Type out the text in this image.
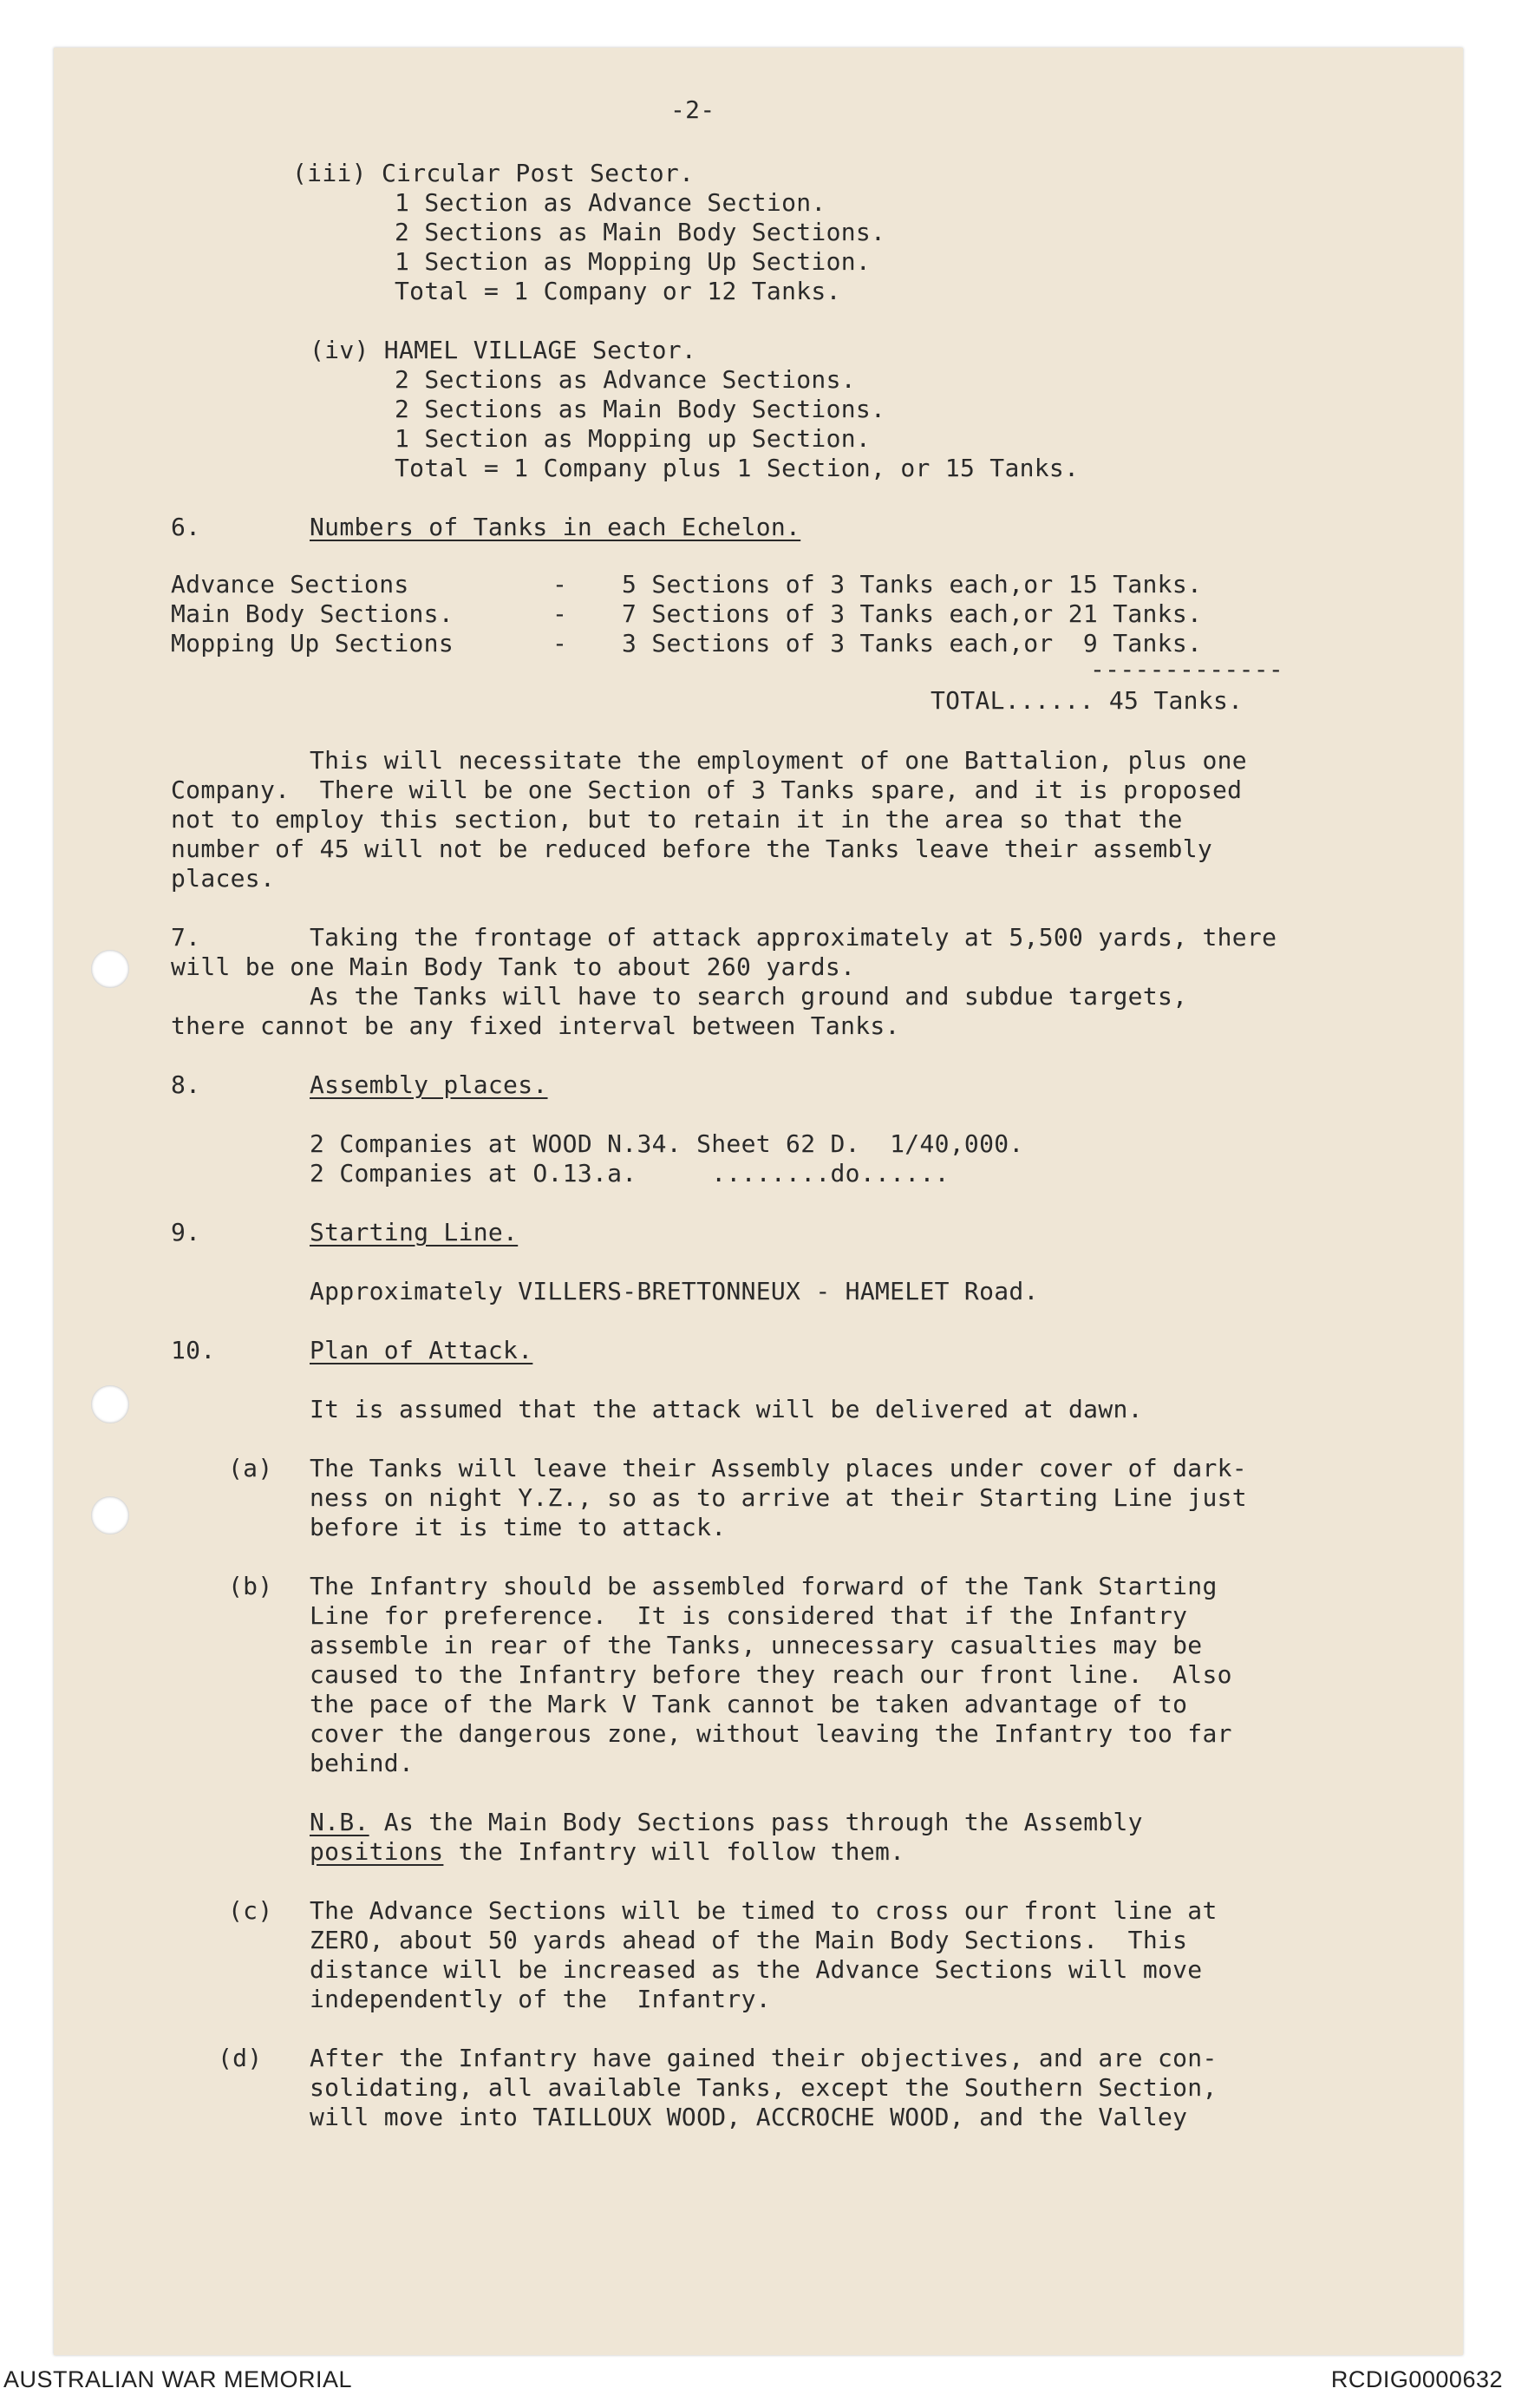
-2-
(iii) Circular Post Sector.
1 Section as Advance Section.
2 Sections as Main Body Sections.
1 Section as Mopping Up Section.
Total = 1 Company or 12 Tanks.
(iv) HAMEL VILLAGE Sector.
2 Sections as Advance Sections.
2 Sections as Main Body Sections.
1 Section as Mopping up Section.
Total = 1 Company plus 1 Section, or 15 Tanks.
6.	Numbers of Tanks in each Echelon.
Advance Sections	- 5 Sections of 3 Tanks each,or 15 Tanks.
Main Body Sections.	- 7 Sections of 3 Tanks each,or 21 Tanks.
Mopping Up Sections	- 3 Sections of 3 Tanks each,or  9 Tanks.
-------------
TOTAL...... 45 Tanks.
This will necessitate the employment of one Battalion, plus one
Company.  There will be one Section of 3 Tanks spare, and it is proposed
not to employ this section, but to retain it in the area so that the
number of 45 will not be reduced before the Tanks leave their assembly
places.
7.	Taking the frontage of attack approximately at 5,500 yards, there
will be one Main Body Tank to about 260 yards.
As the Tanks will have to search ground and subdue targets,
there cannot be any fixed interval between Tanks.
8.	Assembly places.
2 Companies at WOOD N.34. Sheet 62 D.  1/40,000.
2 Companies at O.13.a.     ........do......
9.	Starting Line.
Approximately VILLERS-BRETTONNEUX - HAMELET Road.
10.	Plan of Attack.
It is assumed that the attack will be delivered at dawn.
(a) The Tanks will leave their Assembly places under cover of dark-
ness on night Y.Z., so as to arrive at their Starting Line just
before it is time to attack.
(b) The Infantry should be assembled forward of the Tank Starting
Line for preference.  It is considered that if the Infantry
assemble in rear of the Tanks, unnecessary casualties may be
caused to the Infantry before they reach our front line.  Also
the pace of the Mark V Tank cannot be taken advantage of to
cover the dangerous zone, without leaving the Infantry too far
behind.
N.B. As the Main Body Sections pass through the Assembly
positions the Infantry will follow them.
(c) The Advance Sections will be timed to cross our front line at
ZERO, about 50 yards ahead of the Main Body Sections.  This
distance will be increased as the Advance Sections will move
independently of the  Infantry.
(d) After the Infantry have gained their objectives, and are con-
solidating, all available Tanks, except the Southern Section,
will move into TAILLOUX WOOD, ACCROCHE WOOD, and the Valley
AUSTRALIAN WAR MEMORIAL	RCDIG0000632
